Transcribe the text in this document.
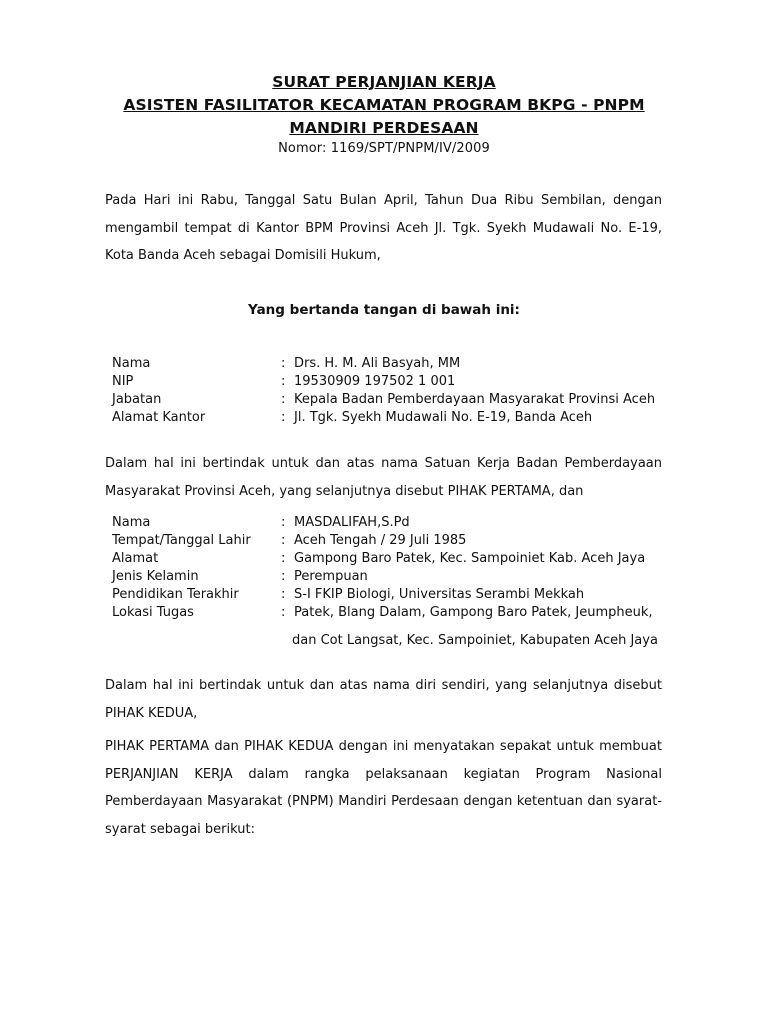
SURAT PERJANJIAN KERJA
ASISTEN FASILITATOR KECAMATAN PROGRAM BKPG - PNPM
MANDIRI PERDESAAN
Nomor: 1169/SPT/PNPM/IV/2009

Pada Hari ini Rabu, Tanggal Satu Bulan April, Tahun Dua Ribu Sembilan, dengan mengambil tempat di Kantor BPM Provinsi Aceh Jl. Tgk. Syekh Mudawali No. E-19, Kota Banda Aceh sebagai Domisili Hukum,

Yang bertanda tangan di bawah ini:
Nama	: Drs. H. M. Ali Basyah, MM
NIP	: 19530909 197502 1 001
Jabatan	: Kepala Badan Pemberdayaan Masyarakat Provinsi Aceh
Alamat Kantor	: Jl. Tgk. Syekh Mudawali No. E-19, Banda Aceh

Dalam hal ini bertindak untuk dan atas nama Satuan Kerja Badan Pemberdayaan Masyarakat Provinsi Aceh, yang selanjutnya disebut PIHAK PERTAMA, dan

Nama	: MASDALIFAH,S.Pd
Tempat/Tanggal Lahir : Aceh Tengah / 29 Juli 1985
Alamat	: Gampong Baro Patek, Kec. Sampoiniet Kab. Aceh Jaya
Jenis Kelamin	: Perempuan
Pendidikan Terakhir	: S-I FKIP Biologi, Universitas Serambi Mekkah
Lokasi Tugas	: Patek, Blang Dalam, Gampong Baro Patek, Jeumpheuk,
dan Cot Langsat, Kec. Sampoiniet, Kabupaten Aceh Jaya

Dalam hal ini bertindak untuk dan atas nama diri sendiri, yang selanjutnya disebut PIHAK KEDUA,

PIHAK PERTAMA dan PIHAK KEDUA dengan ini menyatakan sepakat untuk membuat PERJANJIAN KERJA dalam rangka pelaksanaan kegiatan Program Nasional Pemberdayaan Masyarakat (PNPM) Mandiri Perdesaan dengan ketentuan dan syarat-syarat sebagai berikut:
